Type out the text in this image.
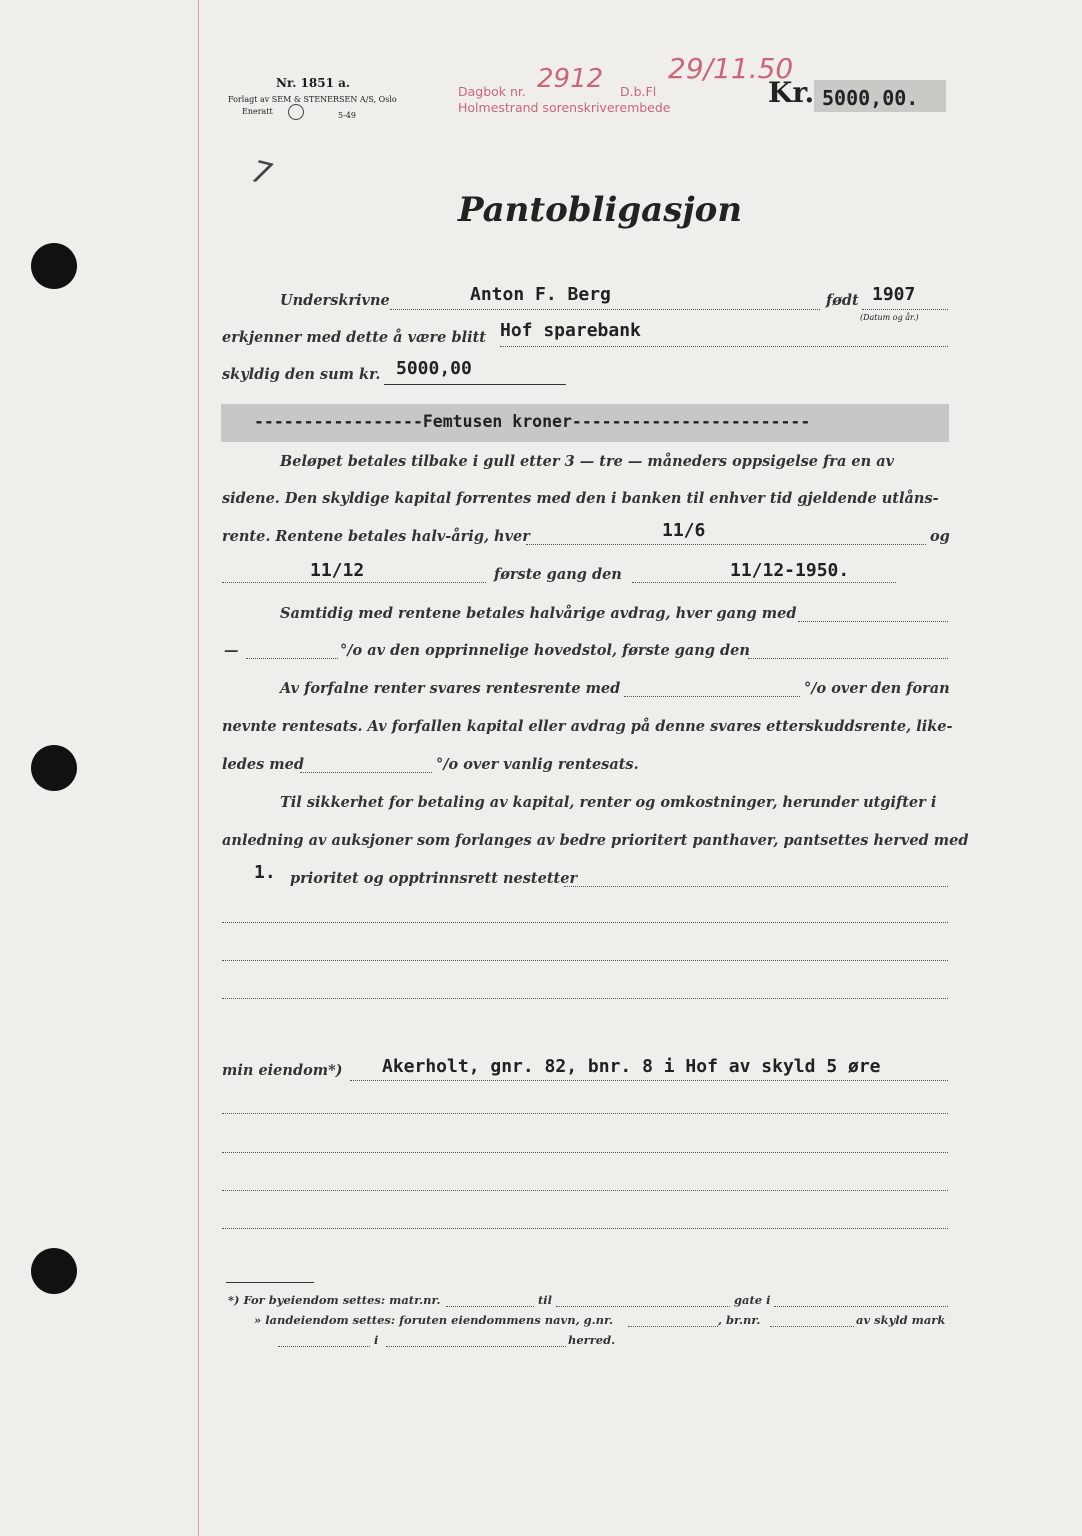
Nr. 1851 a.
Forlagt av SEM & STENERSEN A/S, Oslo
Eneratt	5-49
Dagbok nr. 2912 D.b.Fl
29/11.50
Holmestrand sorenskriverembede	Kr. 5000,00.
7
Pantobligasjon
Underskrivne	Anton F. Berg	født 1907
(Datum og år.)
erkjenner med dette å være blitt Hof sparebank
skyldig den sum kr. 5000,00
-----------------Femtusen kroner------------------------
Beløpet betales tilbake i gull etter 3 — tre — måneders oppsigelse fra en av
sidene. Den skyldige kapital forrentes med den i banken til enhver tid gjeldende utlåns-
rente. Rentene betales halv-årig, hver	11/6	og
11/12	første gang den	11/12-1950.
Samtidig med rentene betales halvårige avdrag, hver gang med
—	°/o av den opprinnelige hovedstol, første gang den
Av forfalne renter svares rentesrente med	°/o over den foran
nevnte rentesats. Av forfallen kapital eller avdrag på denne svares etterskuddsrente, like-
ledes med	°/o over vanlig rentesats.
Til sikkerhet for betaling av kapital, renter og omkostninger, herunder utgifter i
anledning av auksjoner som forlanges av bedre prioritert panthaver, pantsettes herved med
1. prioritet og opptrinnsrett nestetter
min eiendom*) Akerholt, gnr. 82, bnr. 8 i Hof av skyld 5 øre
*) For byeiendom settes: matr.nr.	til	gate i
» landeiendom settes: foruten eiendommens navn, g.nr.	, br.nr.	av skyld mark
i	herred.
